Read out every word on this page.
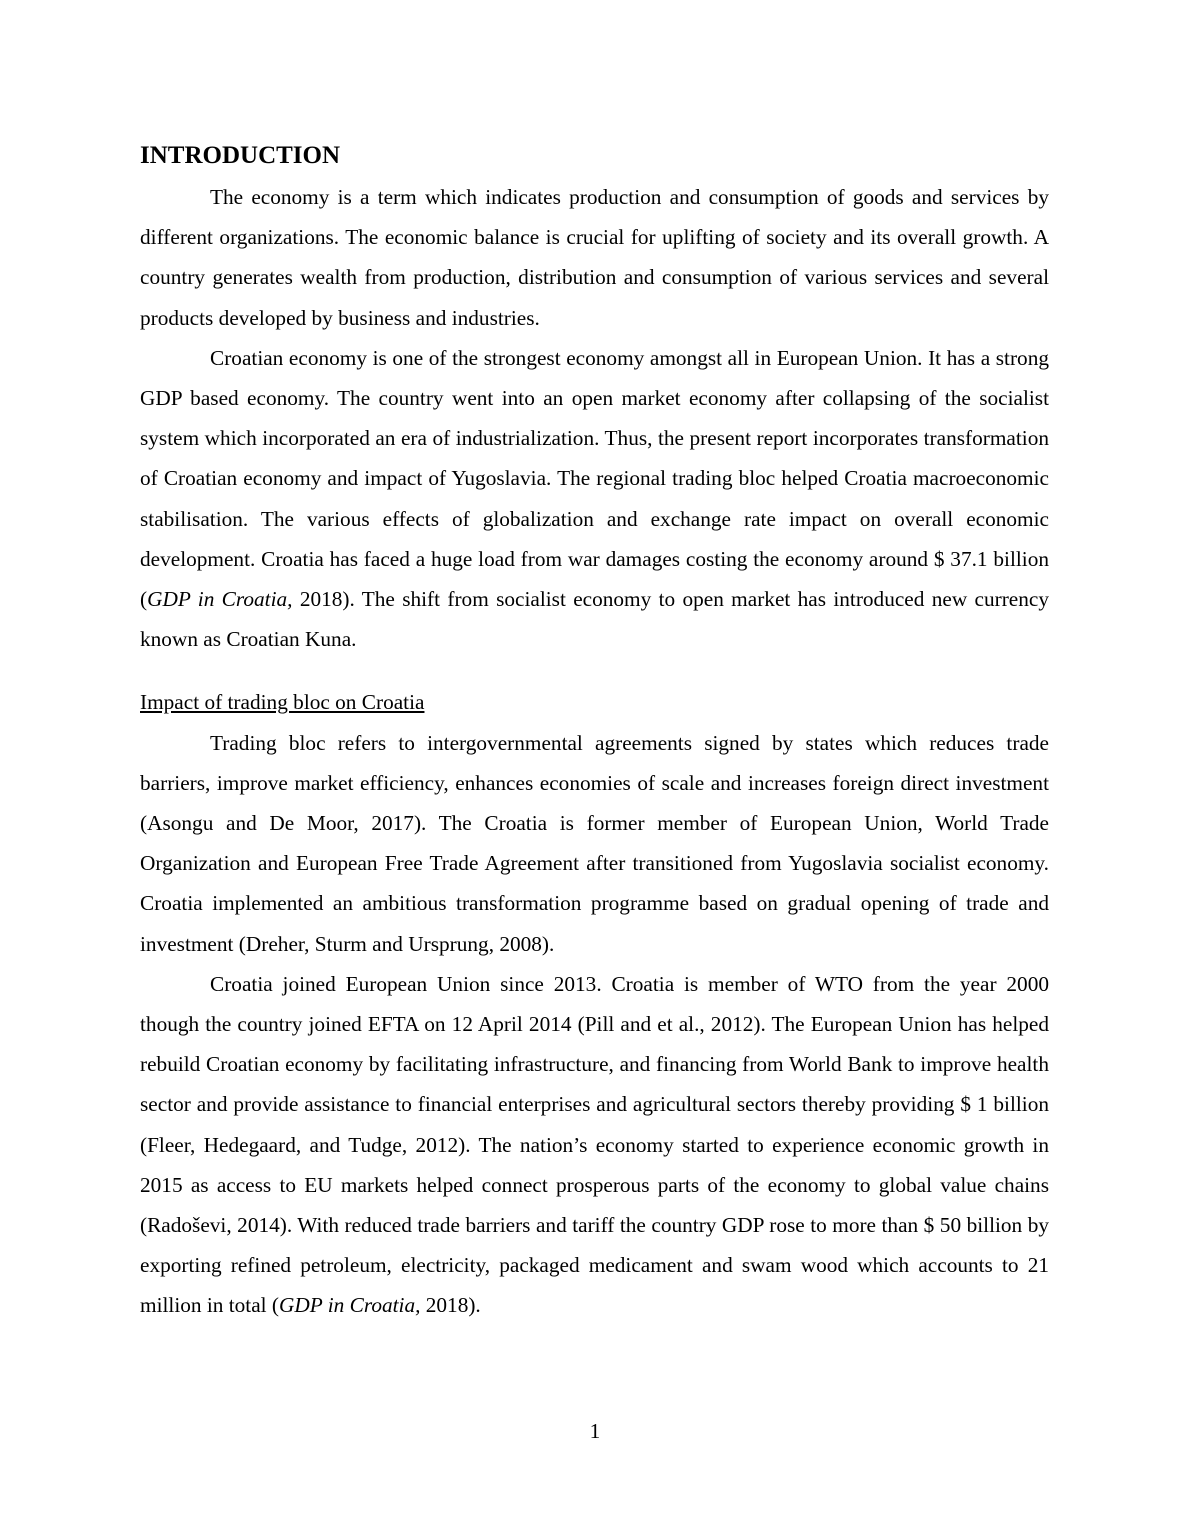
INTRODUCTION

The economy is a term which indicates production and consumption of goods and services by different organizations. The economic balance is crucial for uplifting of society and its overall growth. A country generates wealth from production, distribution and consumption of various services and several products developed by business and industries.

Croatian economy is one of the strongest economy amongst all in European Union. It has a strong GDP based economy. The country went into an open market economy after collapsing of the socialist system which incorporated an era of industrialization. Thus, the present report incorporates transformation of Croatian economy and impact of Yugoslavia. The regional trading bloc helped Croatia macroeconomic stabilisation. The various effects of globalization and exchange rate impact on overall economic development. Croatia has faced a huge load from war damages costing the economy around $ 37.1 billion (GDP in Croatia, 2018). The shift from socialist economy to open market has introduced new currency known as Croatian Kuna.

Impact of trading bloc on Croatia

Trading bloc refers to intergovernmental agreements signed by states which reduces trade barriers, improve market efficiency, enhances economies of scale and increases foreign direct investment (Asongu and De Moor, 2017). The Croatia is former member of European Union, World Trade Organization and European Free Trade Agreement after transitioned from Yugoslavia socialist economy. Croatia implemented an ambitious transformation programme based on gradual opening of trade and investment (Dreher, Sturm and Ursprung, 2008).

Croatia joined European Union since 2013. Croatia is member of WTO from the year 2000 though the country joined EFTA on 12 April 2014 (Pill and et al., 2012). The European Union has helped rebuild Croatian economy by facilitating infrastructure, and financing from World Bank to improve health sector and provide assistance to financial enterprises and agricultural sectors thereby providing $ 1 billion (Fleer, Hedegaard, and Tudge, 2012). The nation’s economy started to experience economic growth in 2015 as access to EU markets helped connect prosperous parts of the economy to global value chains (Radoševi, 2014). With reduced trade barriers and tariff the country GDP rose to more than $ 50 billion by exporting refined petroleum, electricity, packaged medicament and swam wood which accounts to 21 million in total (GDP in Croatia, 2018).

1
